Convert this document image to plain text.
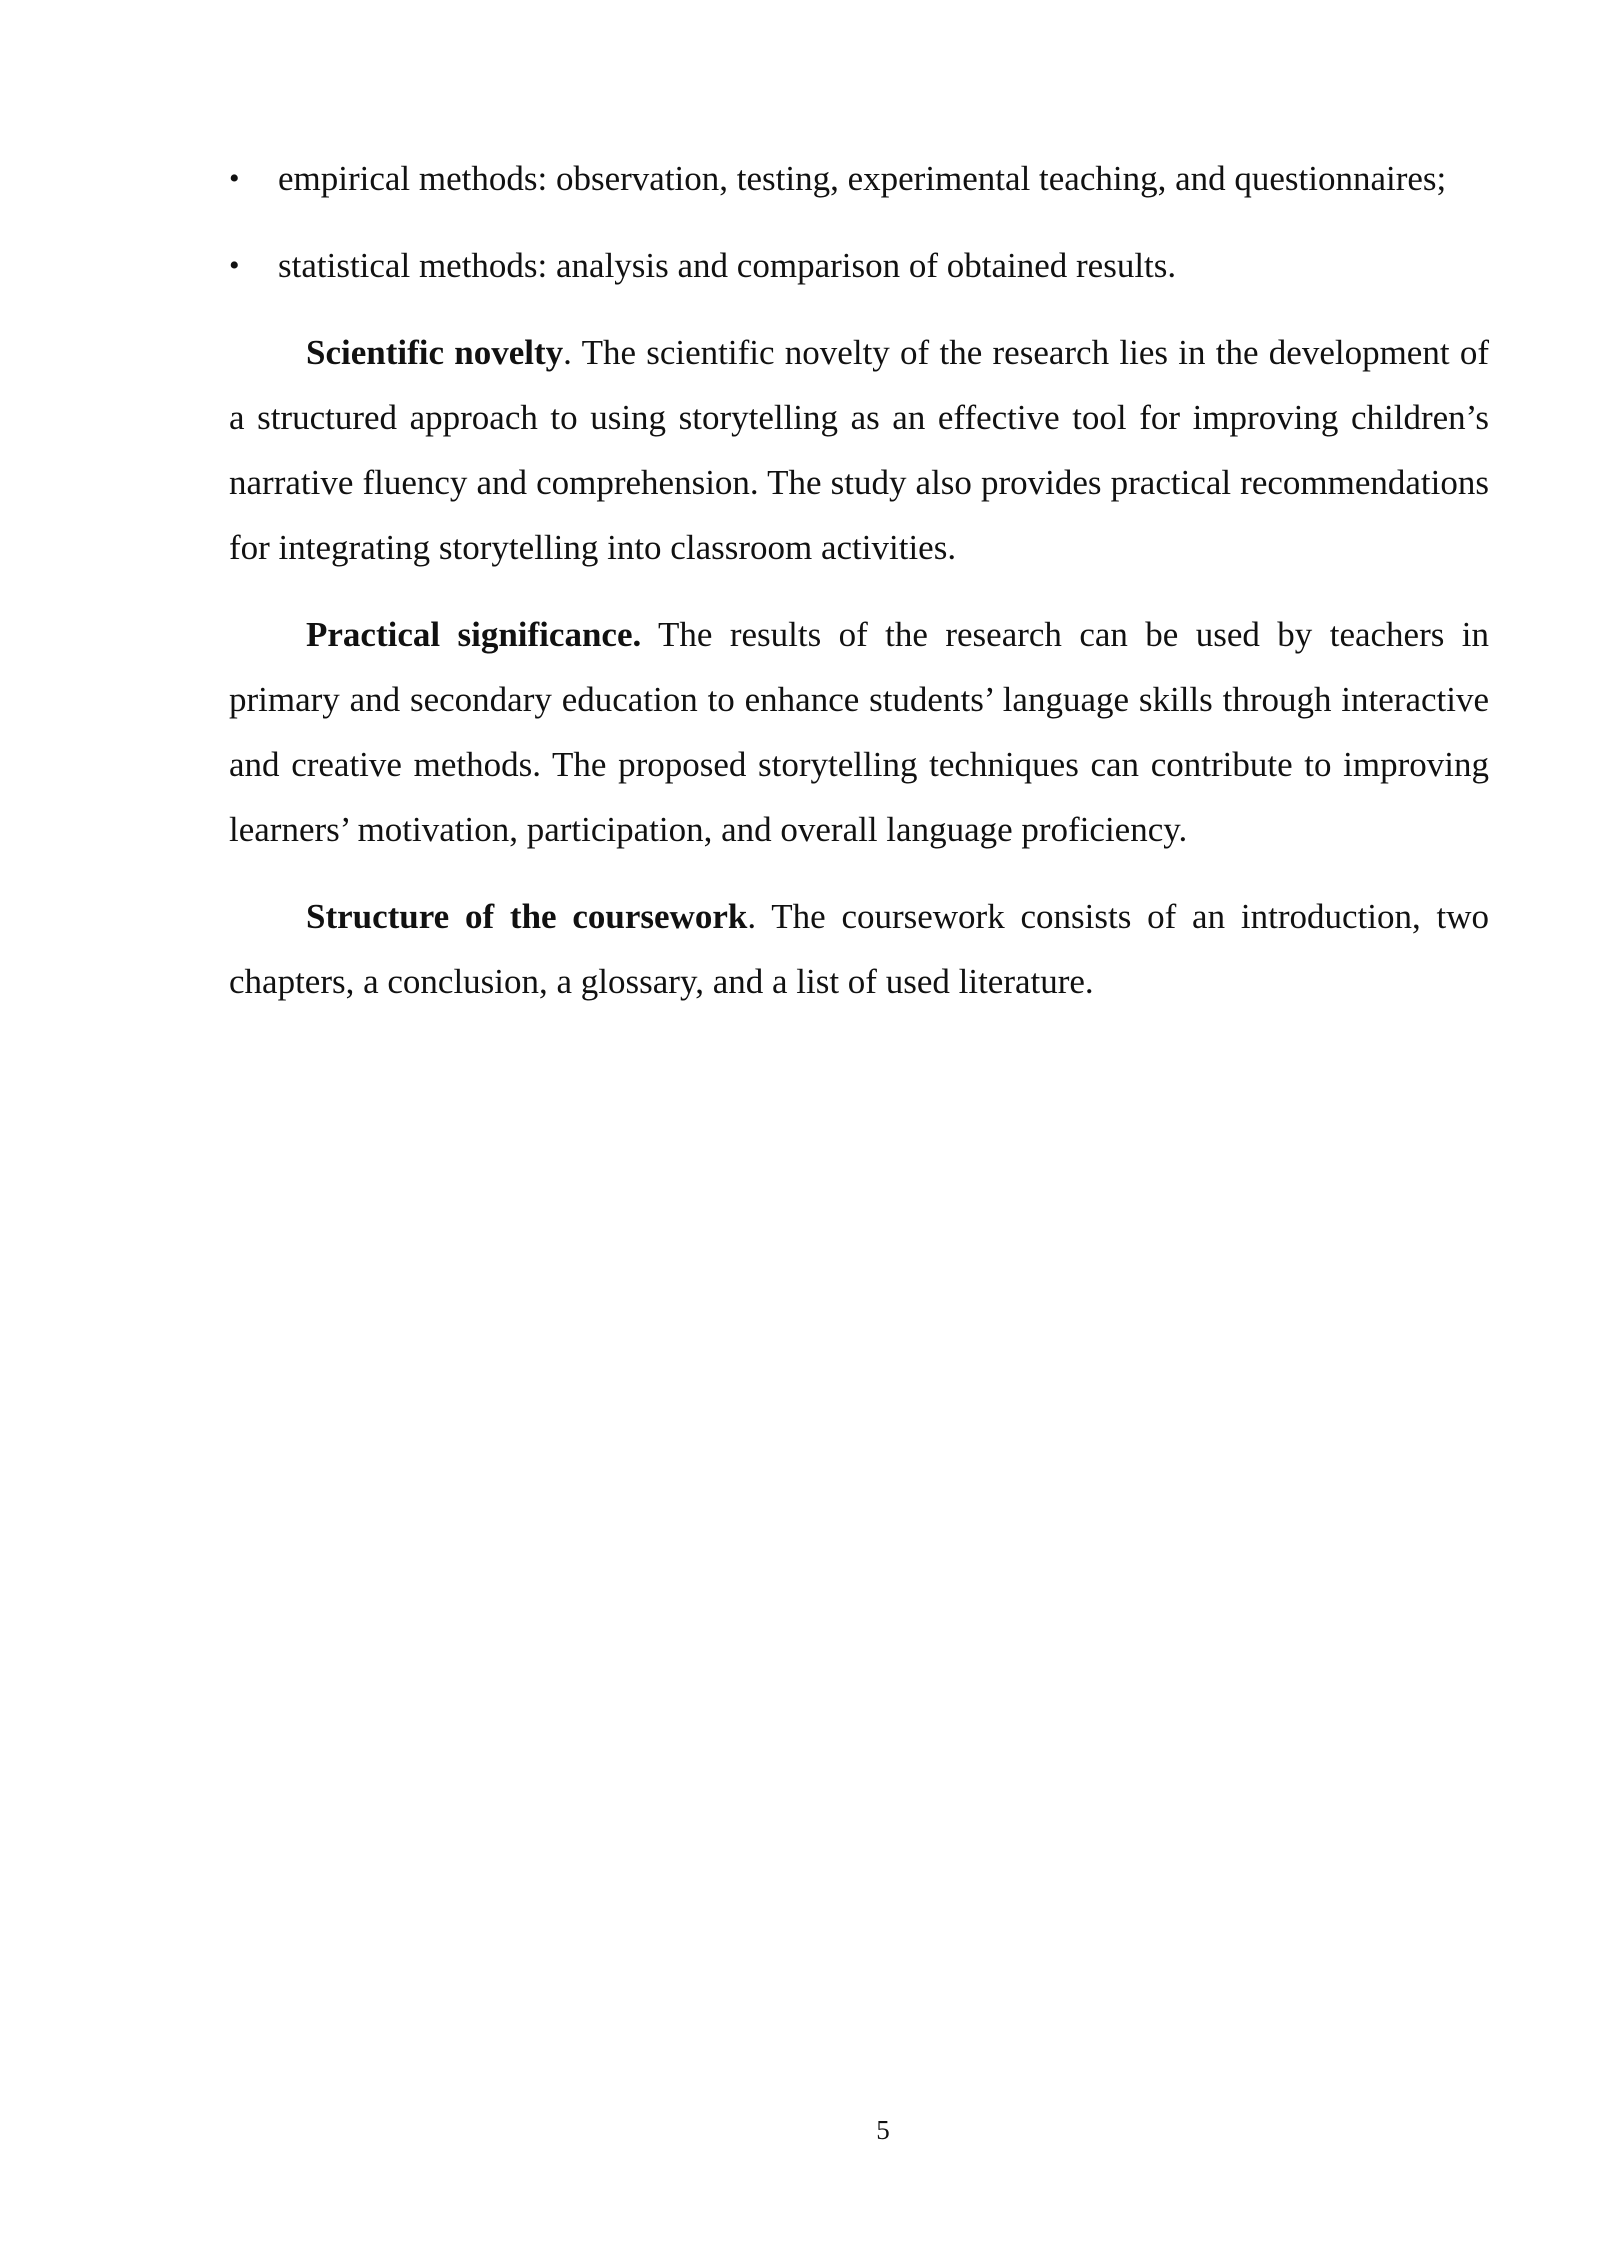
• empirical methods: observation, testing, experimental teaching, and questionnaires;
• statistical methods: analysis and comparison of obtained results.

Scientific novelty. The scientific novelty of the research lies in the development of a structured approach to using storytelling as an effective tool for improving children’s narrative fluency and comprehension. The study also provides practical recommendations for integrating storytelling into classroom activities.

Practical significance. The results of the research can be used by teachers in primary and secondary education to enhance students’ language skills through interactive and creative methods. The proposed storytelling techniques can contribute to improving learners’ motivation, participation, and overall language proficiency.

Structure of the coursework. The coursework consists of an introduction, two chapters, a conclusion, a glossary, and a list of used literature.

5
